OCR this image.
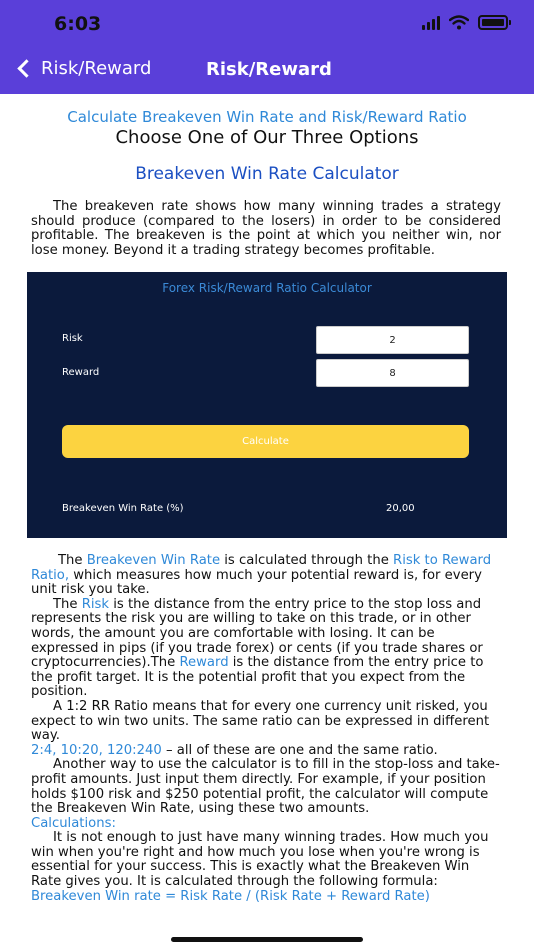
6:03
Risk/Reward	Risk/Reward
Calculate Breakeven Win Rate and Risk/Reward Ratio
Choose One of Our Three Options
Breakeven Win Rate Calculator
The breakeven rate shows how many winning trades a strategy should produce (compared to the losers) in order to be considered profitable. The breakeven is the point at which you neither win, nor lose money. Beyond it a trading strategy becomes profitable.
Forex Risk/Reward Ratio Calculator
Risk	2
Reward	8
Calculate
Breakeven Win Rate (%)	20,00

The Breakeven Win Rate is calculated through the Risk to Reward Ratio, which measures how much your potential reward is, for every unit risk you take.

The Risk is the distance from the entry price to the stop loss and represents the risk you are willing to take on this trade, or in other words, the amount you are comfortable with losing. It can be expressed in pips (if you trade forex) or cents (if you trade shares or cryptocurrencies).The Reward is the distance from the entry price to the profit target. It is the potential profit that you expect from the position.

A 1:2 RR Ratio means that for every one currency unit risked, you expect to win two units. The same ratio can be expressed in different way.

2:4, 10:20, 120:240 – all of these are one and the same ratio.

Another way to use the calculator is to fill in the stop-loss and take-profit amounts. Just input them directly. For example, if your position holds $100 risk and $250 potential profit, the calculator will compute the Breakeven Win Rate, using these two amounts.

Calculations:

It is not enough to just have many winning trades. How much you win when you're right and how much you lose when you're wrong is essential for your success. This is exactly what the Breakeven Win Rate gives you. It is calculated through the following formula:

Breakeven Win rate = Risk Rate / (Risk Rate + Reward Rate)
